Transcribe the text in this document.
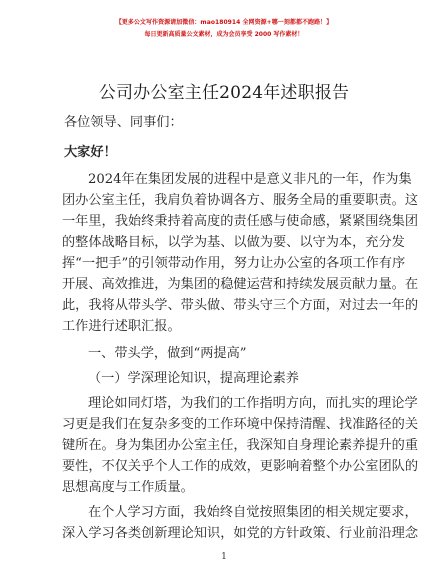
【更多公文写作资源请加微信：mao180914 全网资源+哪一刻都都不跑路！】
每日更新高质量公文素材，成为会员享受 2000 写作素材！
公司办公室主任2024年述职报告
各位领导、同事们：
大家好！
2024年在集团发展的进程中是意义非凡的一年，作为集
团办公室主任，我肩负着协调各方、服务全局的重要职责。这
一年里，我始终秉持着高度的责任感与使命感，紧紧围绕集团
的整体战略目标，以学为基、以做为要、以守为本，充分发
挥“一把手”的引领带动作用，努力让办公室的各项工作有序
开展、高效推进，为集团的稳健运营和持续发展贡献力量。在
此，我将从带头学、带头做、带头守三个方面，对过去一年的
工作进行述职汇报。
一、带头学，做到“两提高”
（一）学深理论知识，提高理论素养
理论如同灯塔，为我们的工作指明方向，而扎实的理论学
习更是我们在复杂多变的工作环境中保持清醒、找准路径的关
键所在。身为集团办公室主任，我深知自身理论素养提升的重
要性，不仅关乎个人工作的成效，更影响着整个办公室团队的
思想高度与工作质量。
在个人学习方面，我始终自觉按照集团的相关规定要求，
深入学习各类创新理论知识，如党的方针政策、行业前沿理念
1
